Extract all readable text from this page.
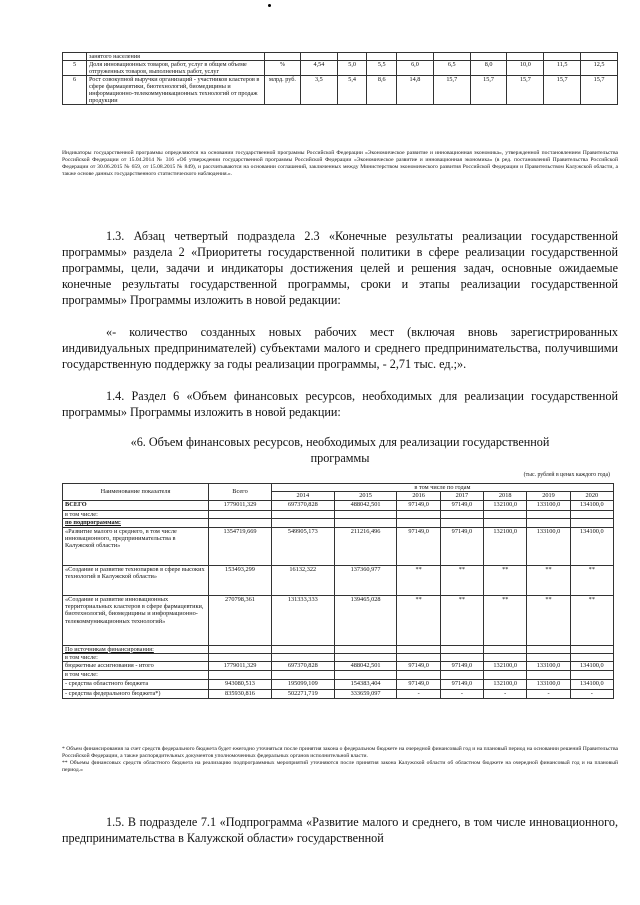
	занятого населения										
5	Доля инновационных товаров, работ, услуг в общем объеме отгруженных товаров, выполненных работ, услуг	%	4,54	5,0	5,5	6,0	6,5	8,0	10,0	11,5	12,5
6	Рост совокупной выручки организаций - участников кластеров в сфере фармацевтики, биотехнологий, биомедицины и информационно-телекоммуникационных технологий от продаж продукции	млрд. руб.	3,5	5,4	8,6	14,8	15,7	15,7	15,7	15,7	15,7
Индикаторы государственной программы определяются на основании государственной программы Российской Федерации «Экономическое развитие и инновационная экономика», утвержденной постановлением Правительства Российской Федерации от 15.04.2014 № 316 «Об утверждении государственной программы Российской Федерации «Экономическое развитие и инновационная экономика» (в ред. постановлений Правительства Российской Федерации от 30.06.2015 № 659, от 15.08.2015 № 849), и рассчитываются на основании соглашений, заключенных между Министерством экономического развития Российской Федерации и Правительством Калужской области, а также основе данных государственного статистического наблюдения.».
1.3. Абзац четвертый подраздела 2.3 «Конечные результаты реализации государственной программы» раздела 2 «Приоритеты государственной политики в сфере реализации государственной программы, цели, задачи и индикаторы достижения целей и решения задач, основные ожидаемые конечные результаты государственной программы, сроки и этапы реализации государственной программы» Программы изложить в новой редакции:
«- количество созданных новых рабочих мест (включая вновь зарегистрированных индивидуальных предпринимателей) субъектами малого и среднего предпринимательства, получившими государственную поддержку за годы реализации программы, - 2,71 тыс. ед.;».
1.4. Раздел 6 «Объем финансовых ресурсов, необходимых для реализации государственной программы» Программы изложить в новой редакции:
«6. Объем финансовых ресурсов, необходимых для реализации государственной
программы
(тыс. рублей в ценах каждого года)
Наименование показателя	Всего	в том числе по годам						
		2014	2015	2016	2017	2018	2019	2020
ВСЕГО	1779011,329	697370,828	488042,501	97149,0	97149,0	132100,0	133100,0	134100,0
в том числе:								
по подпрограммам:								
«Развитие малого и среднего, в том числе инновационного, предпринимательства в Калужской области»	1354719,669	549905,173	211216,496	97149,0	97149,0	132100,0	133100,0	134100,0
«Создание и развитие технопарков в сфере высоких технологий в Калужской области»	153493,299	16132,322	137360,977	**	**	**	**	**
«Создание и развитие инновационных территориальных кластеров в сфере фармацевтики, биотехнологий, биомедицины и информационно-телекоммуникационных технологий»	270798,361	131333,333	139465,028	**	**	**	**	**
По источникам финансирования:								
в том числе:								
бюджетные ассигнования - итого	1779011,329	697370,828	488042,501	97149,0	97149,0	132100,0	133100,0	134100,0
в том числе:								
- средства областного бюджета	943080,513	195099,109	154383,404	97149,0	97149,0	132100,0	133100,0	134100,0
- средства федерального бюджета*)	835930,816	502271,719	333659,097	-	-	-	-	-
* Объем финансирования за счет средств федерального бюджета будет ежегодно уточняться после принятия закона о федеральном бюджете на очередной финансовый год и на плановый период на основании решений Правительства Российской Федерации, а также распорядительных документов уполномоченных федеральных органов исполнительной власти.
** Объемы финансовых средств областного бюджета на реализацию подпрограммных мероприятий уточняются после принятия закона Калужской области об областном бюджете на очередной финансовый год и на плановый период.»
1.5. В подразделе 7.1 «Подпрограмма «Развитие малого и среднего, в том числе инновационного, предпринимательства в Калужской области» государственной
